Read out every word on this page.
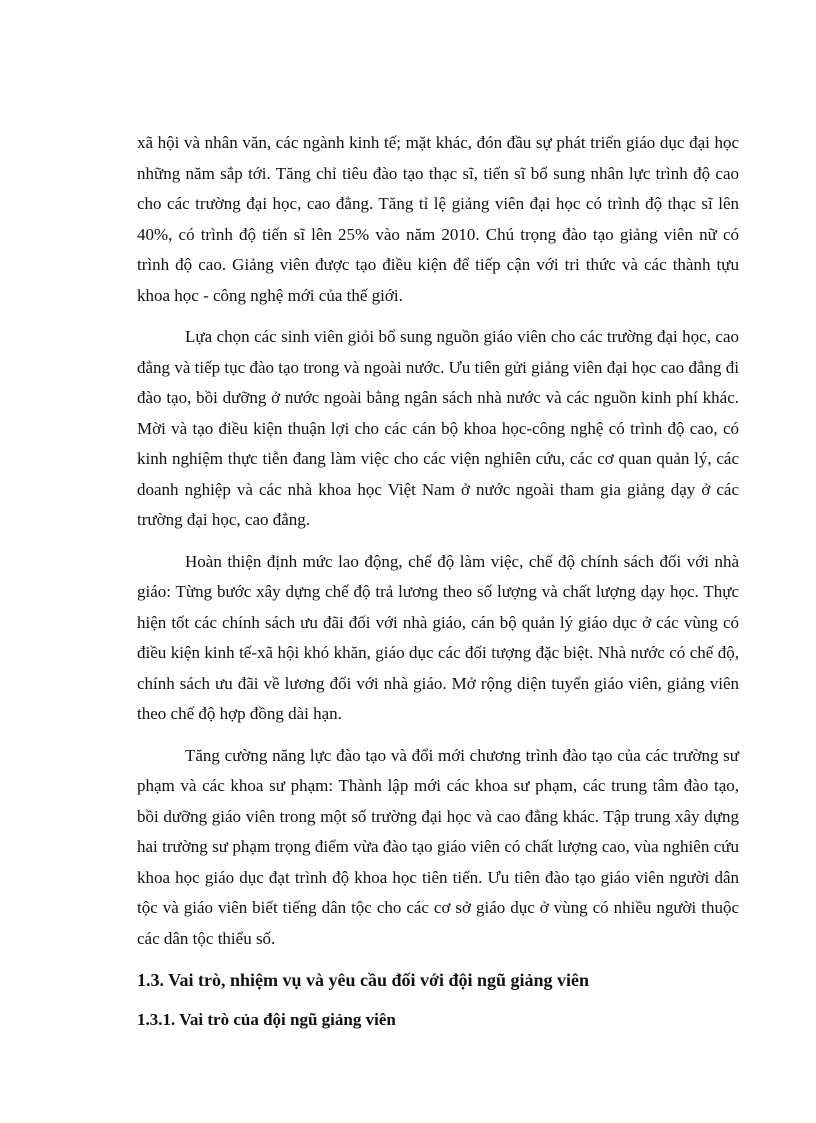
xã hội và nhân văn, các ngành kinh tế; mặt khác, đón đầu sự phát triển giáo dục đại học những năm sắp tới. Tăng chỉ tiêu đào tạo thạc sĩ, tiến sĩ bổ sung nhân lực trình độ cao cho các trường đại học, cao đẳng. Tăng tỉ lệ giảng viên đại học có trình độ thạc sĩ lên 40%, có trình độ tiến sĩ lên 25% vào năm 2010. Chú trọng đào tạo giảng viên nữ có trình độ cao. Giảng viên được tạo điều kiện để tiếp cận với tri thức và các thành tựu khoa học - công nghệ mới của thế giới.

Lựa chọn các sinh viên giỏi bổ sung nguồn giáo viên cho các trường đại học, cao đẳng và tiếp tục đào tạo trong và ngoài nước. Ưu tiên gửi giảng viên đại học cao đẳng đi đào tạo, bồi dưỡng ở nước ngoài bằng ngân sách nhà nước và các nguồn kinh phí khác. Mời và tạo điều kiện thuận lợi cho các cán bộ khoa học-công nghệ có trình độ cao, có kinh nghiệm thực tiễn đang làm việc cho các viện nghiên cứu, các cơ quan quản lý, các doanh nghiệp và các nhà khoa học Việt Nam ở nước ngoài tham gia giảng dạy ở các trường đại học, cao đẳng.

Hoàn thiện định mức lao động, chế độ làm việc, chế độ chính sách đối với nhà giáo: Từng bước xây dựng chế độ trả lương theo số lượng và chất lượng dạy học. Thực hiện tốt các chính sách ưu đãi đối với nhà giáo, cán bộ quản lý giáo dục ở các vùng có điều kiện kinh tế-xã hội khó khăn, giáo dục các đối tượng đặc biệt. Nhà nước có chế độ, chính sách ưu đãi về lương đối với nhà giáo. Mở rộng diện tuyển giáo viên, giảng viên theo chế độ hợp đồng dài hạn.

Tăng cường năng lực đào tạo và đổi mới chương trình đào tạo của các trường sư phạm và các khoa sư phạm: Thành lập mới các khoa sư phạm, các trung tâm đào tạo, bồi dưỡng giáo viên trong một số trường đại học và cao đẳng khác. Tập trung xây dựng hai trường sư phạm trọng điểm vừa đào tạo giáo viên có chất lượng cao, vùa nghiên cứu khoa học giáo dục đạt trình độ khoa học tiên tiến. Ưu tiên đào tạo giáo viên người dân tộc và giáo viên biết tiếng dân tộc cho các cơ sở giáo dục ở vùng có nhiều người thuộc các dân tộc thiểu số.

1.3. Vai trò, nhiệm vụ và yêu cầu đối với đội ngũ giảng viên
1.3.1. Vai trò của đội ngũ giảng viên
